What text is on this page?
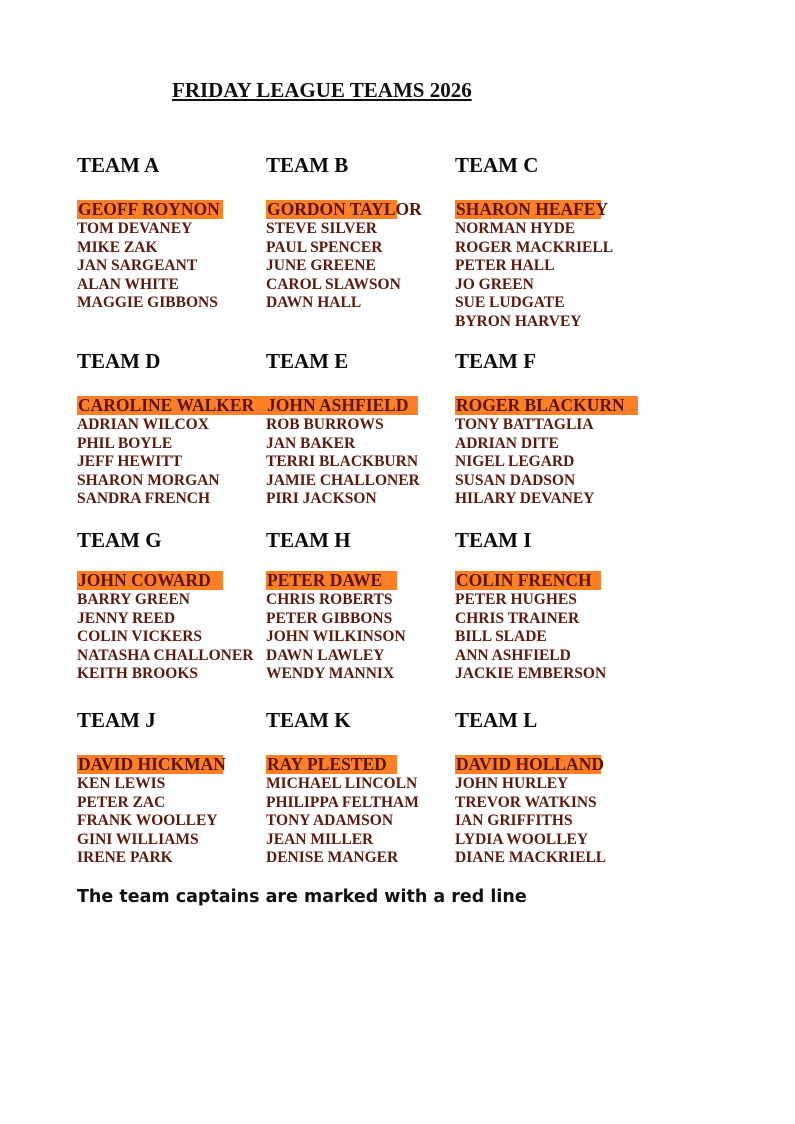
FRIDAY LEAGUE TEAMS 2026
TEAM A
GEOFF ROYNON
TOM DEVANEY
MIKE ZAK
JAN SARGEANT
ALAN WHITE
MAGGIE GIBBONS
TEAM B
GORDON TAYLOR
STEVE SILVER
PAUL SPENCER
JUNE GREENE
CAROL SLAWSON
DAWN HALL
TEAM C
SHARON HEAFEY
NORMAN HYDE
ROGER MACKRIELL
PETER HALL
JO GREEN
SUE LUDGATE
BYRON HARVEY
TEAM D
CAROLINE WALKER
ADRIAN WILCOX
PHIL BOYLE
JEFF HEWITT
SHARON MORGAN
SANDRA FRENCH
TEAM E
JOHN ASHFIELD
ROB BURROWS
JAN BAKER
TERRI BLACKBURN
JAMIE CHALLONER
PIRI JACKSON
TEAM F
ROGER BLACKURN
TONY BATTAGLIA
ADRIAN DITE
NIGEL LEGARD
SUSAN DADSON
HILARY DEVANEY
TEAM G
JOHN COWARD
BARRY GREEN
JENNY REED
COLIN VICKERS
NATASHA CHALLONER
KEITH BROOKS
TEAM H
PETER DAWE
CHRIS ROBERTS
PETER GIBBONS
JOHN WILKINSON
DAWN LAWLEY
WENDY MANNIX
TEAM I
COLIN FRENCH
PETER HUGHES
CHRIS TRAINER
BILL SLADE
ANN ASHFIELD
JACKIE EMBERSON
TEAM J
DAVID HICKMAN
KEN LEWIS
PETER ZAC
FRANK WOOLLEY
GINI WILLIAMS
IRENE PARK
TEAM K
RAY PLESTED
MICHAEL LINCOLN
PHILIPPA FELTHAM
TONY ADAMSON
JEAN MILLER
DENISE MANGER
TEAM L
DAVID HOLLAND
JOHN HURLEY
TREVOR WATKINS
IAN GRIFFITHS
LYDIA WOOLLEY
DIANE MACKRIELL
The team captains are marked with a red line
